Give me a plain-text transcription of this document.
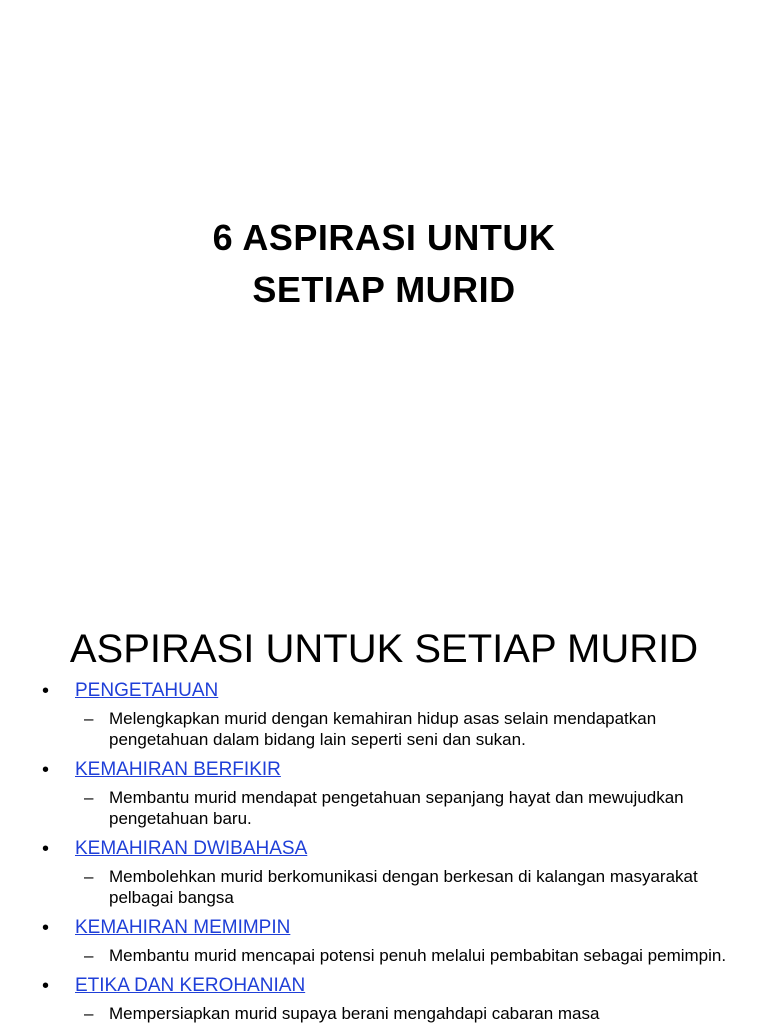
6 ASPIRASI UNTUK
SETIAP MURID
ASPIRASI UNTUK SETIAP MURID
• PENGETAHUAN
– Melengkapkan murid dengan kemahiran hidup asas selain mendapatkan pengetahuan dalam bidang lain seperti seni dan sukan.
• KEMAHIRAN BERFIKIR
– Membantu murid mendapat pengetahuan sepanjang hayat dan mewujudkan pengetahuan baru.
• KEMAHIRAN DWIBAHASA
– Membolehkan murid berkomunikasi dengan berkesan di kalangan masyarakat pelbagai bangsa
• KEMAHIRAN MEMIMPIN
– Membantu murid mencapai potensi penuh melalui pembabitan sebagai pemimpin.
• ETIKA DAN KEROHANIAN
– Mempersiapkan murid supaya berani mengahdapi cabaran masa
